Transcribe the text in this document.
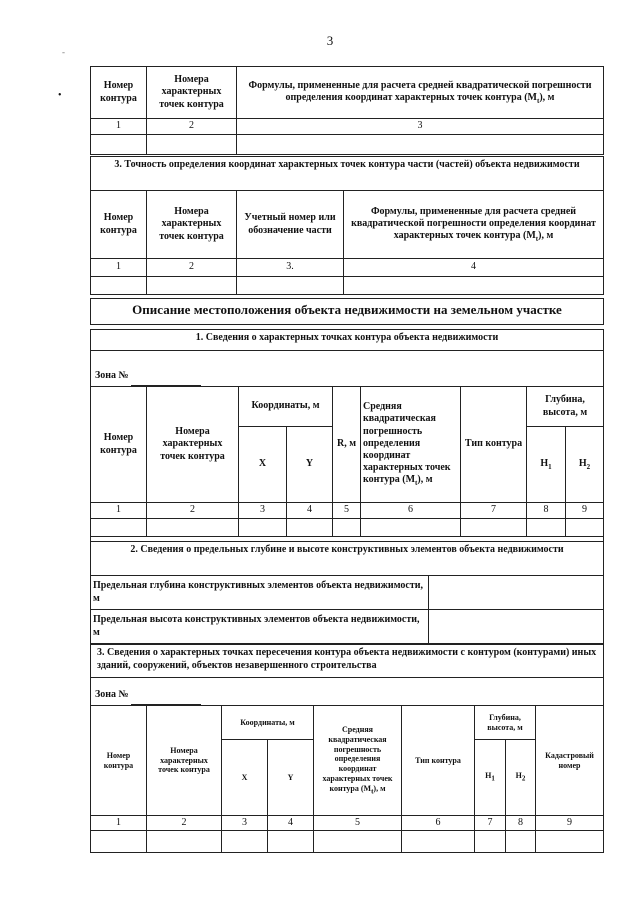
3
-
•
Номер контура	Номера характерных точек контура	Формулы, примененные для расчета средней квадратической погрешности определения координат характерных точек контура $(M_t)$, м
1	2	3

3. Точность определения координат характерных точек контура части (частей) объекта недвижимости
Номер контура	Номера характерных точек контура	Учетный номер или обозначение части	Формулы, примененные для расчета средней квадратической погрешности определения координат характерных точек контура $(M_t)$, м
1	2	3.	4

Описание местоположения объекта недвижимости на земельном участке
1. Сведения о характерных точках контура объекта недвижимости
Зона №
Номер контура	Номера характерных точек контура	Координаты, м		R, м	Средняя квадратическая погрешность определения координат характерных точек контура $(M_t)$, м	Тип контура	Глубина, высота, м	
		X	Y				$H_1$	$H_2$
1	2	3	4	5	6	7	8	9

2. Сведения о предельных глубине и высоте конструктивных элементов объекта недвижимости
Предельная глубина конструктивных элементов объекта недвижимости, м	
Предельная высота конструктивных элементов объекта недвижимости, м	
3. Сведения о характерных точках пересечения контура объекта недвижимости с контуром (контурами) иных зданий, сооружений, объектов незавершенного строительства
Зона №
Номер контура	Номера характерных точек контура	Координаты, м		Средняя квадратическая погрешность определения координат характерных точек контура $(M_t)$, м	Тип контура	Глубина, высота, м		Кадастровый номер
		X	Y			$H_1$	$H_2$
1	2	3	4	5	6	7	8	9
